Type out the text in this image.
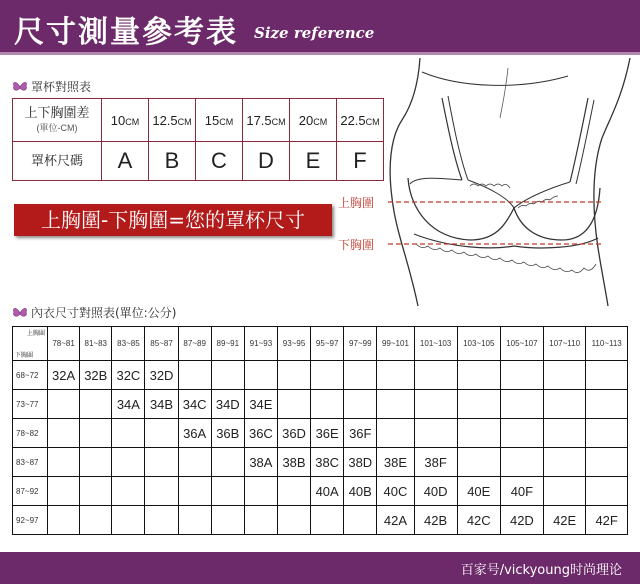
尺寸測量參考表 Size reference
罩杯對照表
上下胸圍差
(單位-CM)	10CM	12.5CM	15CM	17.5CM	20CM	22.5CM
罩杯尺碼	A	B	C	D	E	F
上胸圍-下胸圍=您的罩杯尺寸
上胸圍
下胸圍
內衣尺寸對照表(單位:公分)
上胸圍
下胸圍	78~81	81~83	83~85	85~87	87~89	89~91	91~93	93~95	95~97	97~99	99~101	101~103	103~105	105~107	107~110	110~113
68~72	32A	32B	32C	32D												
73~77			34A	34B	34C	34D	34E									
78~82					36A	36B	36C	36D	36E	36F						
83~87							38A	38B	38C	38D	38E	38F				
87~92									40A	40B	40C	40D	40E	40F		
92~97											42A	42B	42C	42D	42E	42F
百家号/vickyoung时尚理论
